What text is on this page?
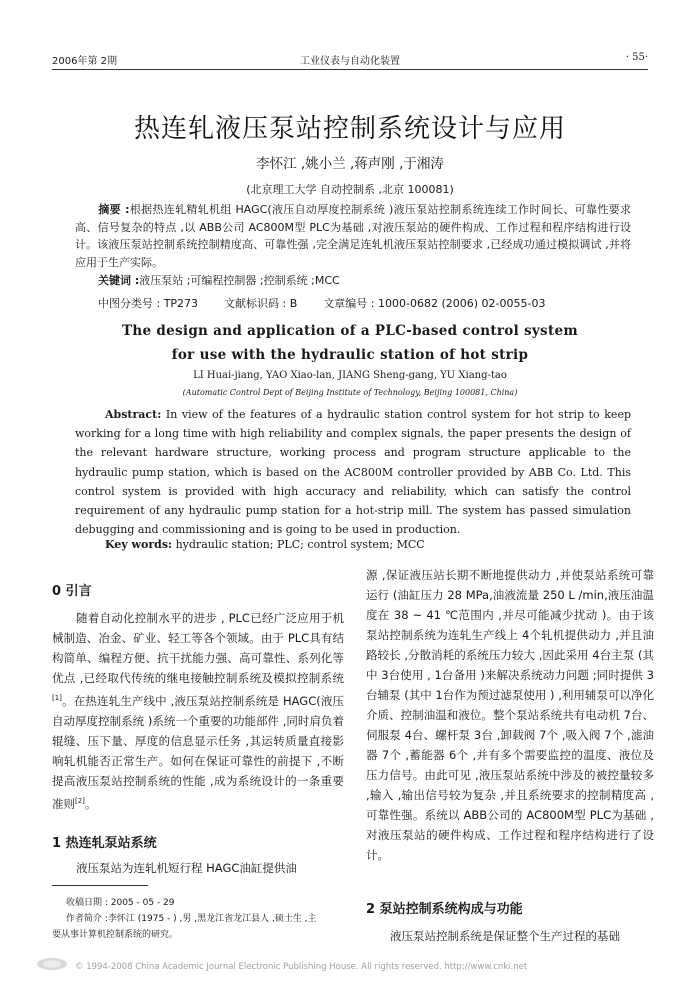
2006年第 2期	工业仪表与自动化装置	· 55·
热连轧液压泵站控制系统设计与应用
李怀江 ,姚小兰 ,蒋声刚 ,于湘涛
(北京理工大学 自动控制系 ,北京 100081)
摘要 :根据热连轧精轧机组 HAGC(液压自动厚度控制系统 )液压泵站控制系统连续工作时间长、可靠性要求高、信号复杂的特点 ,以 ABB公司 AC800M型 PLC为基础 ,对液压泵站的硬件构成、工作过程和程序结构进行设计。该液压泵站控制系统控制精度高、可靠性强 ,完全满足连轧机液压泵站控制要求 ,已经成功通过模拟调试 ,并将应用于生产实际。
关键词 :液压泵站 ;可编程控制器 ;控制系统 ;MCC
中图分类号 : TP273 文献标识码 : B 文章编号 : 1000-0682 (2006) 02-0055-03
The design and application of a PLC-based control system
for use with the hydraulic station of hot strip
LI Huai-jiang, YAO Xiao-lan, JIANG Sheng-gang, YU Xiang-tao
(Automatic Control Dept of Beijing Institute of Technology, Beijing 100081, China)
Abstract: In view of the features of a hydraulic station control system for hot strip to keep working for a long time with high reliability and complex signals, the paper presents the design of the relevant hardware structure, working process and program structure applicable to the hydraulic pump station, which is based on the AC800M controller provided by ABB Co. Ltd. This control system is provided with high accuracy and reliability, which can satisfy the control requirement of any hydraulic pump station for a hot-strip mill. The system has passed simulation debugging and commissioning and is going to be used in production.
Key words: hydraulic station; PLC; control system; MCC
0 引言
随着自动化控制水平的进步 , PLC已经广泛应用于机械制造、冶金、矿业、轻工等各个领域。由于 PLC具有结构简单、编程方便、抗干扰能力强、高可靠性、系列化等优点 ,已经取代传统的继电接触控制系统及模拟控制系统[1]。在热连轧生产线中 ,液压泵站控制系统是 HAGC(液压自动厚度控制系统 )系统一个重要的功能部件 ,同时肩负着辊缝、压下量、厚度的信息显示任务 ,其运转质量直接影响轧机能否正常生产。如何在保证可靠性的前提下 ,不断提高液压泵站控制系统的性能 ,成为系统设计的一条重要准则[2]。
1 热连轧泵站系统
液压泵站为连轧机短行程 HAGC油缸提供油

收稿日期 : 2005 - 05 - 29

作者简介 :李怀江 (1975 - ) ,男 ,黑龙江省龙江县人 ,硕士生 ,主

要从事计算机控制系统的研究。

源 ,保证液压站长期不断地提供动力 ,并使泵站系统可靠运行 (油缸压力 28 MPa,油液流量 250 L /min,液压油温度在 38 ~ 41 ℃范围内 ,并尽可能减少扰动 )。由于该泵站控制系统为连轧生产线上 4个轧机提供动力 ,并且油路较长 ,分散消耗的系统压力较大 ,因此采用 4台主泵 (其中 3台使用 , 1台备用 )来解决系统动力问题 ;同时提供 3台辅泵 (其中 1台作为预过滤泵使用 ) ,利用辅泵可以净化介质、控制油温和液位。整个泵站系统共有电动机 7台、伺服泵 4台、螺杆泵 3台 ,卸载阀 7个 ,吸入阀 7个 ,滤油器 7个 ,蓄能器 6个 ,并有多个需要监控的温度、液位及压力信号。由此可见 ,液压泵站系统中涉及的被控量较多 ,输入 ,输出信号较为复杂 ,并且系统要求的控制精度高 ,可靠性强。系统以 ABB公司的 AC800M型 PLC为基础 ,对液压泵站的硬件构成、工作过程和程序结构进行了设计。
2 泵站控制系统构成与功能
液压泵站控制系统是保证整个生产过程的基础
© 1994-2008 China Academic Journal Electronic Publishing House. All rights reserved. http://www.cnki.net
